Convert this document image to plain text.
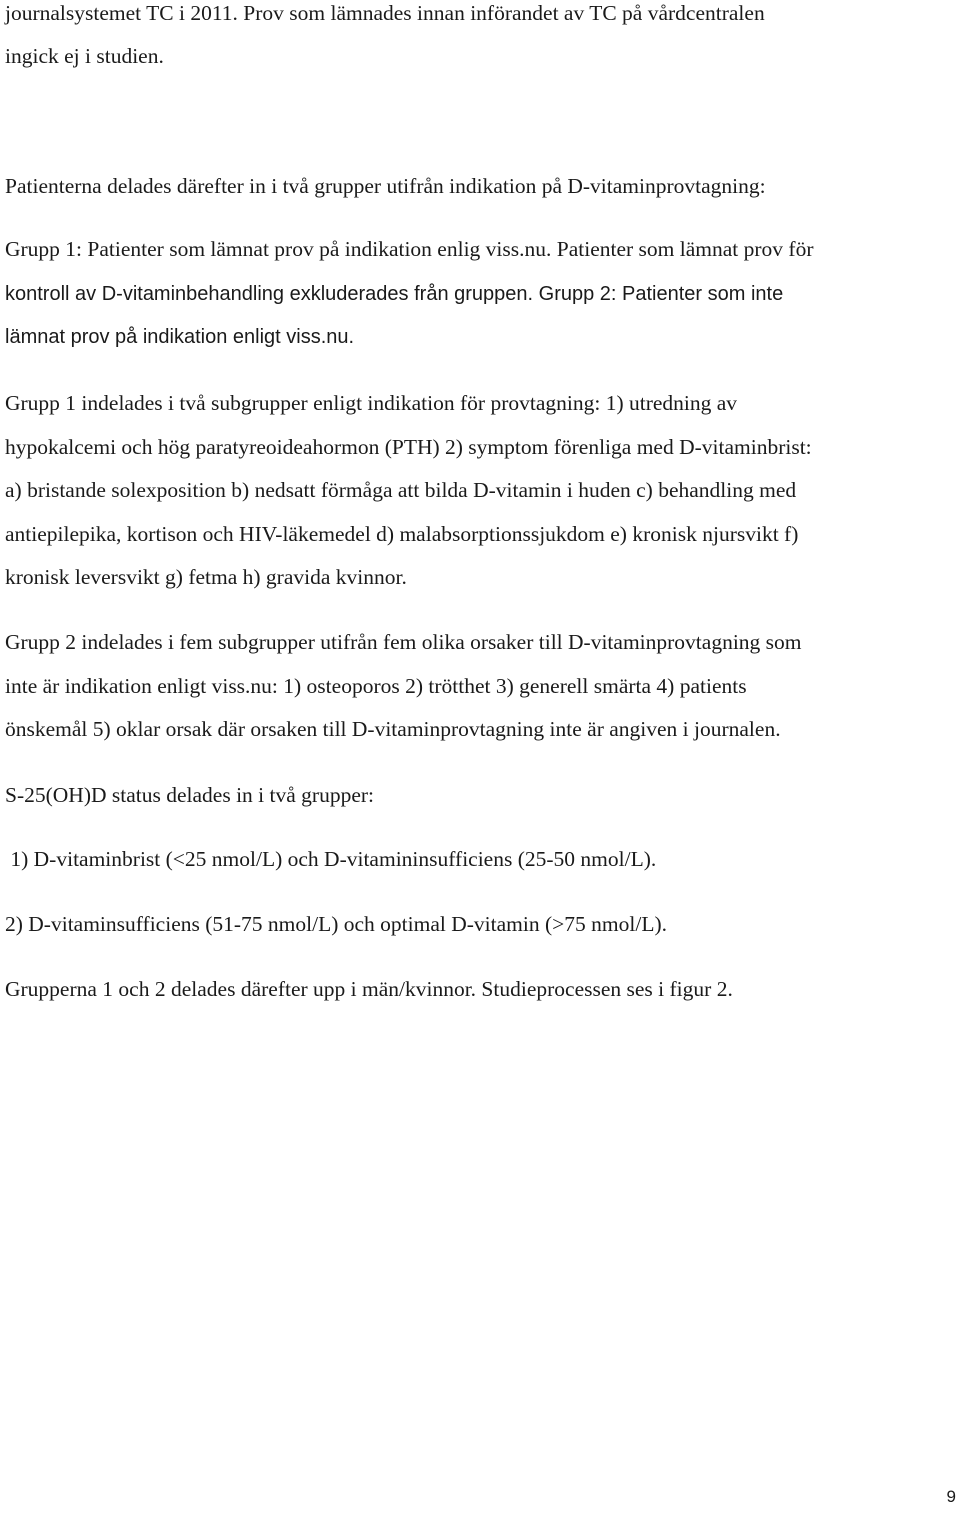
journalsystemet TC i 2011. Prov som lämnades innan införandet av TC på vårdcentralen
ingick ej i studien.
Patienterna delades därefter in i två grupper utifrån indikation på D-vitaminprovtagning:
Grupp 1: Patienter som lämnat prov på indikation enlig viss.nu. Patienter som lämnat prov för
kontroll av D-vitaminbehandling exkluderades från gruppen. Grupp 2: Patienter som inte
lämnat prov på indikation enligt viss.nu.
Grupp 1 indelades i två subgrupper enligt indikation för provtagning: 1) utredning av
hypokalcemi och hög paratyreoideahormon (PTH) 2) symptom förenliga med D-vitaminbrist:
a) bristande solexposition b) nedsatt förmåga att bilda D-vitamin i huden c) behandling med
antiepilepika, kortison och HIV-läkemedel d) malabsorptionssjukdom e) kronisk njursvikt f)
kronisk leversvikt g) fetma h) gravida kvinnor.
Grupp 2 indelades i fem subgrupper utifrån fem olika orsaker till D-vitaminprovtagning som
inte är indikation enligt viss.nu: 1) osteoporos 2) trötthet 3) generell smärta 4) patients
önskemål 5) oklar orsak där orsaken till D-vitaminprovtagning inte är angiven i journalen.
S-25(OH)D status delades in i två grupper:
1) D-vitaminbrist (<25 nmol/L) och D-vitamininsufficiens (25-50 nmol/L).
2) D-vitaminsufficiens (51-75 nmol/L) och optimal D-vitamin (>75 nmol/L).
Grupperna 1 och 2 delades därefter upp i män/kvinnor. Studieprocessen ses i figur 2.
9
